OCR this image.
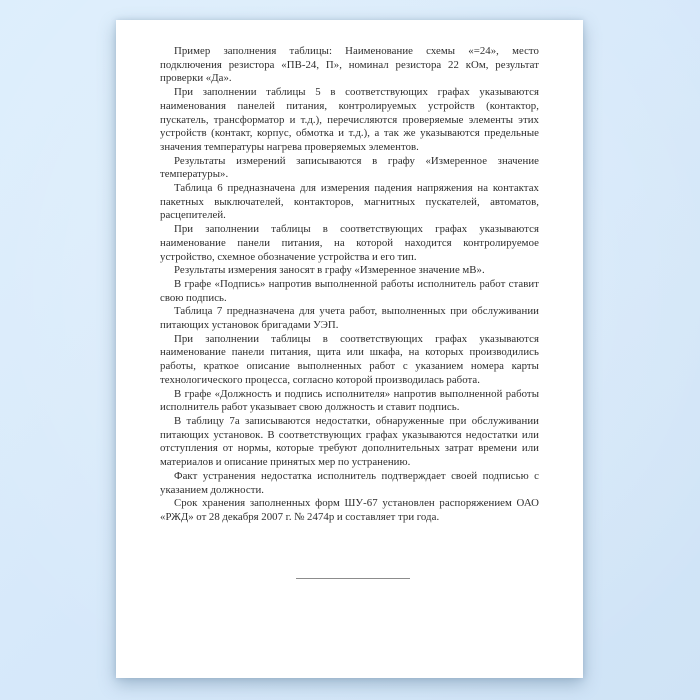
Пример заполнения таблицы: Наименование схемы «=24», место подключения резистора «ПВ-24, П», номинал резистора 22 кОм, результат проверки «Да».

При заполнении таблицы 5 в соответствующих графах указываются наименования панелей питания, контролируемых устройств (контактор, пускатель, трансформатор и т.д.), перечисляются проверяемые элементы этих устройств (контакт, корпус, обмотка и т.д.), а так же указываются предельные значения температуры нагрева проверяемых элементов.

Результаты измерений записываются в графу «Измеренное значение температуры».

Таблица 6 предназначена для измерения падения напряжения на контактах пакетных выключателей, контакторов, магнитных пускателей, автоматов, расцепителей.

При заполнении таблицы в соответствующих графах указываются наименование панели питания, на которой находится контролируемое устройство, схемное обозначение устройства и его тип.

Результаты измерения заносят в графу «Измеренное значение мВ».

В графе «Подпись» напротив выполненной работы исполнитель работ ставит свою подпись.

Таблица 7 предназначена для учета работ, выполненных при обслуживании питающих установок бригадами УЭП.

При заполнении таблицы в соответствующих графах указываются наименование панели питания, щита или шкафа, на которых производились работы, краткое описание выполненных работ с указанием номера карты технологического процесса, согласно которой производилась работа.

В графе «Должность и подпись исполнителя» напротив выполненной работы исполнитель работ указывает свою должность и ставит подпись.

В таблицу 7а записываются недостатки, обнаруженные при обслуживании питающих установок. В соответствующих графах указываются недостатки или отступления от нормы, которые требуют дополнительных затрат времени или материалов и описание принятых мер по устранению.

Факт устранения недостатка исполнитель подтверждает своей подписью с указанием должности.

Срок хранения заполненных форм ШУ-67 установлен распоряжением ОАО «РЖД» от 28 декабря 2007 г. № 2474р и составляет три года.
